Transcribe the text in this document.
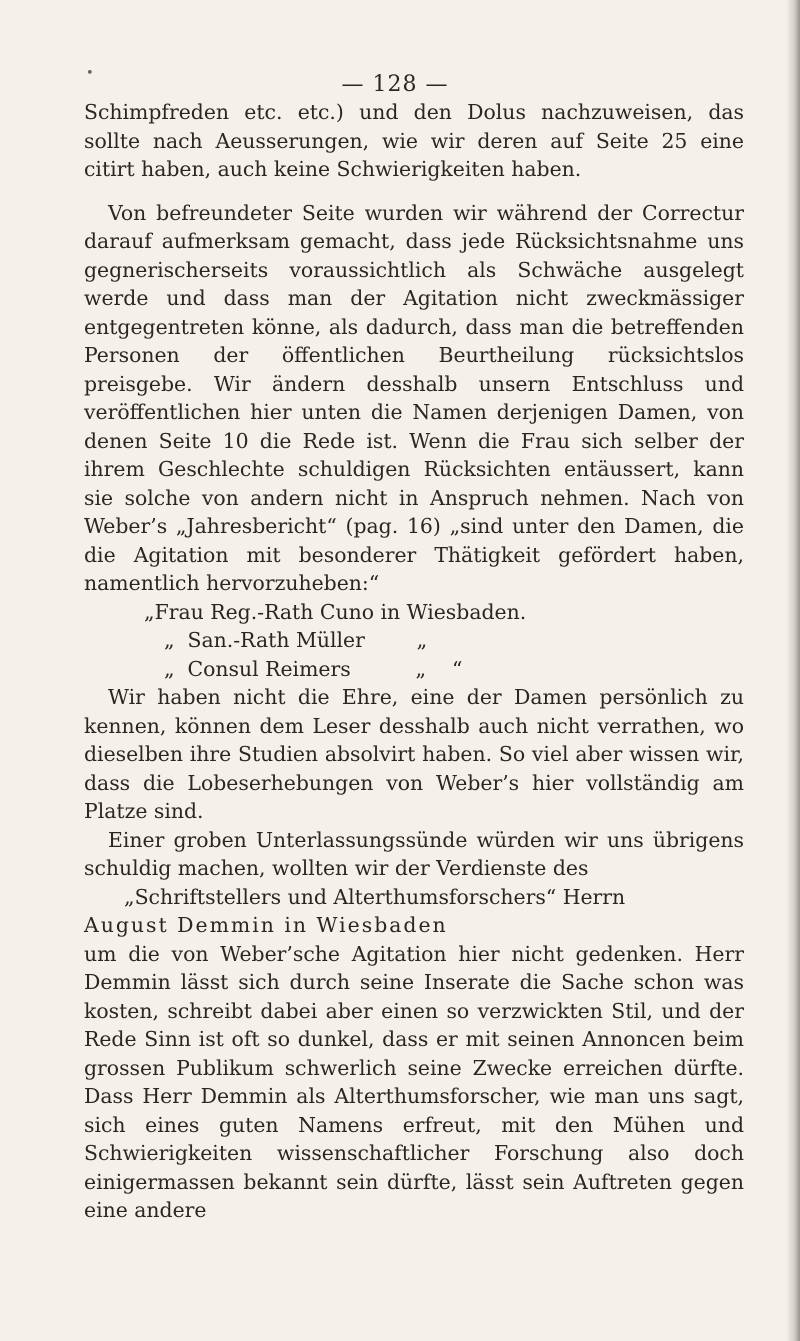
•	— 128 —

Schimpfreden etc. etc.) und den Dolus nachzuweisen, das sollte nach Aeusserungen, wie wir deren auf Seite 25 eine citirt haben, auch keine Schwierigkeiten haben.

Von befreundeter Seite wurden wir während der Correctur darauf aufmerksam gemacht, dass jede Rücksichtsnahme uns gegnerischerseits voraussichtlich als Schwäche ausgelegt werde und dass man der Agitation nicht zweckmässiger entgegentreten könne, als dadurch, dass man die betreffenden Personen der öffentlichen Beurtheilung rücksichtslos preisgebe. Wir ändern desshalb unsern Entschluss und veröffentlichen hier unten die Namen derjenigen Damen, von denen Seite 10 die Rede ist. Wenn die Frau sich selber der ihrem Geschlechte schuldigen Rücksichten entäussert, kann sie solche von andern nicht in Anspruch nehmen. Nach von Weber’s „Jahresbericht“ (pag. 16) „sind unter den Damen, die die Agitation mit besonderer Thätigkeit gefördert haben, namentlich hervorzuheben:“

„Frau Reg.-Rath Cuno in Wiesbaden.
„  San.-Rath Müller        „
„  Consul Reimers          „    “

Wir haben nicht die Ehre, eine der Damen persönlich zu kennen, können dem Leser desshalb auch nicht verrathen, wo dieselben ihre Studien absolvirt haben. So viel aber wissen wir, dass die Lobeserhebungen von Weber’s hier vollständig am Platze sind.

Einer groben Unterlassungssünde würden wir uns übrigens schuldig machen, wollten wir der Verdienste des

„Schriftstellers und Alterthumsforschers“ Herrn

August Demmin in Wiesbaden

um die von Weber’sche Agitation hier nicht gedenken. Herr Demmin lässt sich durch seine Inserate die Sache schon was kosten, schreibt dabei aber einen so verzwickten Stil, und der Rede Sinn ist oft so dunkel, dass er mit seinen Annoncen beim grossen Publikum schwerlich seine Zwecke erreichen dürfte. Dass Herr Demmin als Alterthumsforscher, wie man uns sagt, sich eines guten Namens erfreut, mit den Mühen und Schwierigkeiten wissenschaftlicher Forschung also doch einigermassen bekannt sein dürfte, lässt sein Auftreten gegen eine andere
